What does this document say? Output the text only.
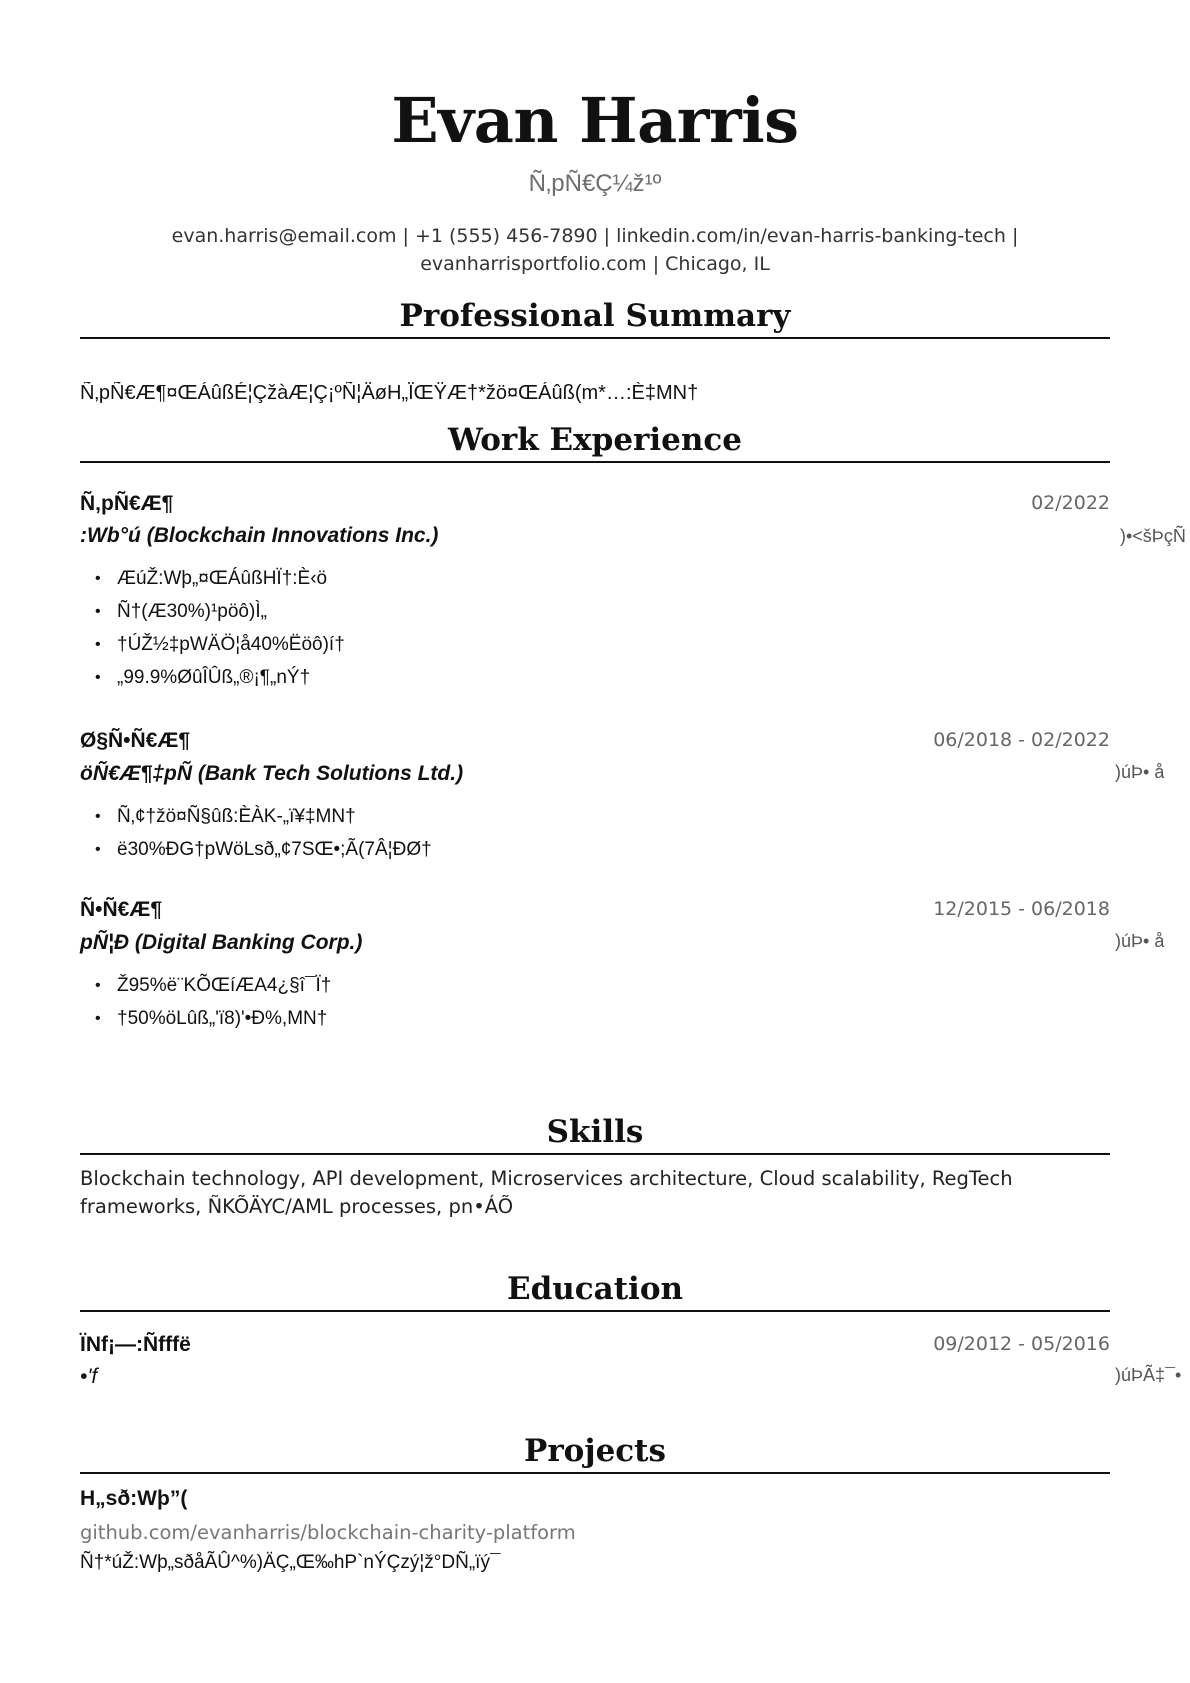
Evan Harris
Ñ‚pÑ€Ç¼ž¹º
evan.harris@email.com | +1 (555) 456-7890 | linkedin.com/in/evan-harris-banking-tech | evanharrisportfolio.com | Chicago, IL
Professional Summary
Ñ‚pÑ€Æ¶¤ŒÁûßÉ¦ÇžàÆ¦Ç¡ºÑ¦ÄøH„ÏŒŸÆ†*žö¤ŒÁûß(m*…:È‡MN†
Work Experience
Ñ‚pÑ€Æ¶	02/2022
:Wb°ú (Blockchain Innovations Inc.)	)•<šÞçÑ
• ÆúŽ:Wþ„¤ŒÁûßHÏ†:È‹ö
• Ñ†(Æ30%)¹pöô)Ì„
• †ÚŽ½‡pWÄÖ¦å40%Ëöô)í†
• „99.9%ØûÎÛß„®¡¶„nÝ†
Ø§Ñ•Ñ€Æ¶	06/2018 - 02/2022
öÑ€Æ¶‡pÑ (Bank Tech Solutions Ltd.)	)úÞ• å
• Ñ‚¢†žö¤Ñ§ûß:ÈÀK-„ï¥‡MN†
• ë30%ÐG†pWöLsð„¢7SŒ•;Ã(7Â¦ÐØ†
Ñ•Ñ€Æ¶	12/2015 - 06/2018
pÑ¦Ð (Digital Banking Corp.)	)úÞ• å
• Ž95%ë¨KÕŒíÆA4¿§î¯Ï†
• †50%öLûß„'ï8)'•Ð%,MN†
Skills
Blockchain technology, API development, Microservices architecture, Cloud scalability, RegTech frameworks, ÑKÕÄYC/AML processes, pn•ÁÕ
Education
ÏNf¡—:Ñfffë	09/2012 - 05/2016
•'f	)úÞÃ‡¯•
Projects
H„sð:Wþ”(
github.com/evanharris/blockchain-charity-platform
Ñ†*úŽ:Wþ„sðåÃÛ^%)ÄÇ„Œ‰hP`nÝÇzý¦ž°DÑ„ïý¯
